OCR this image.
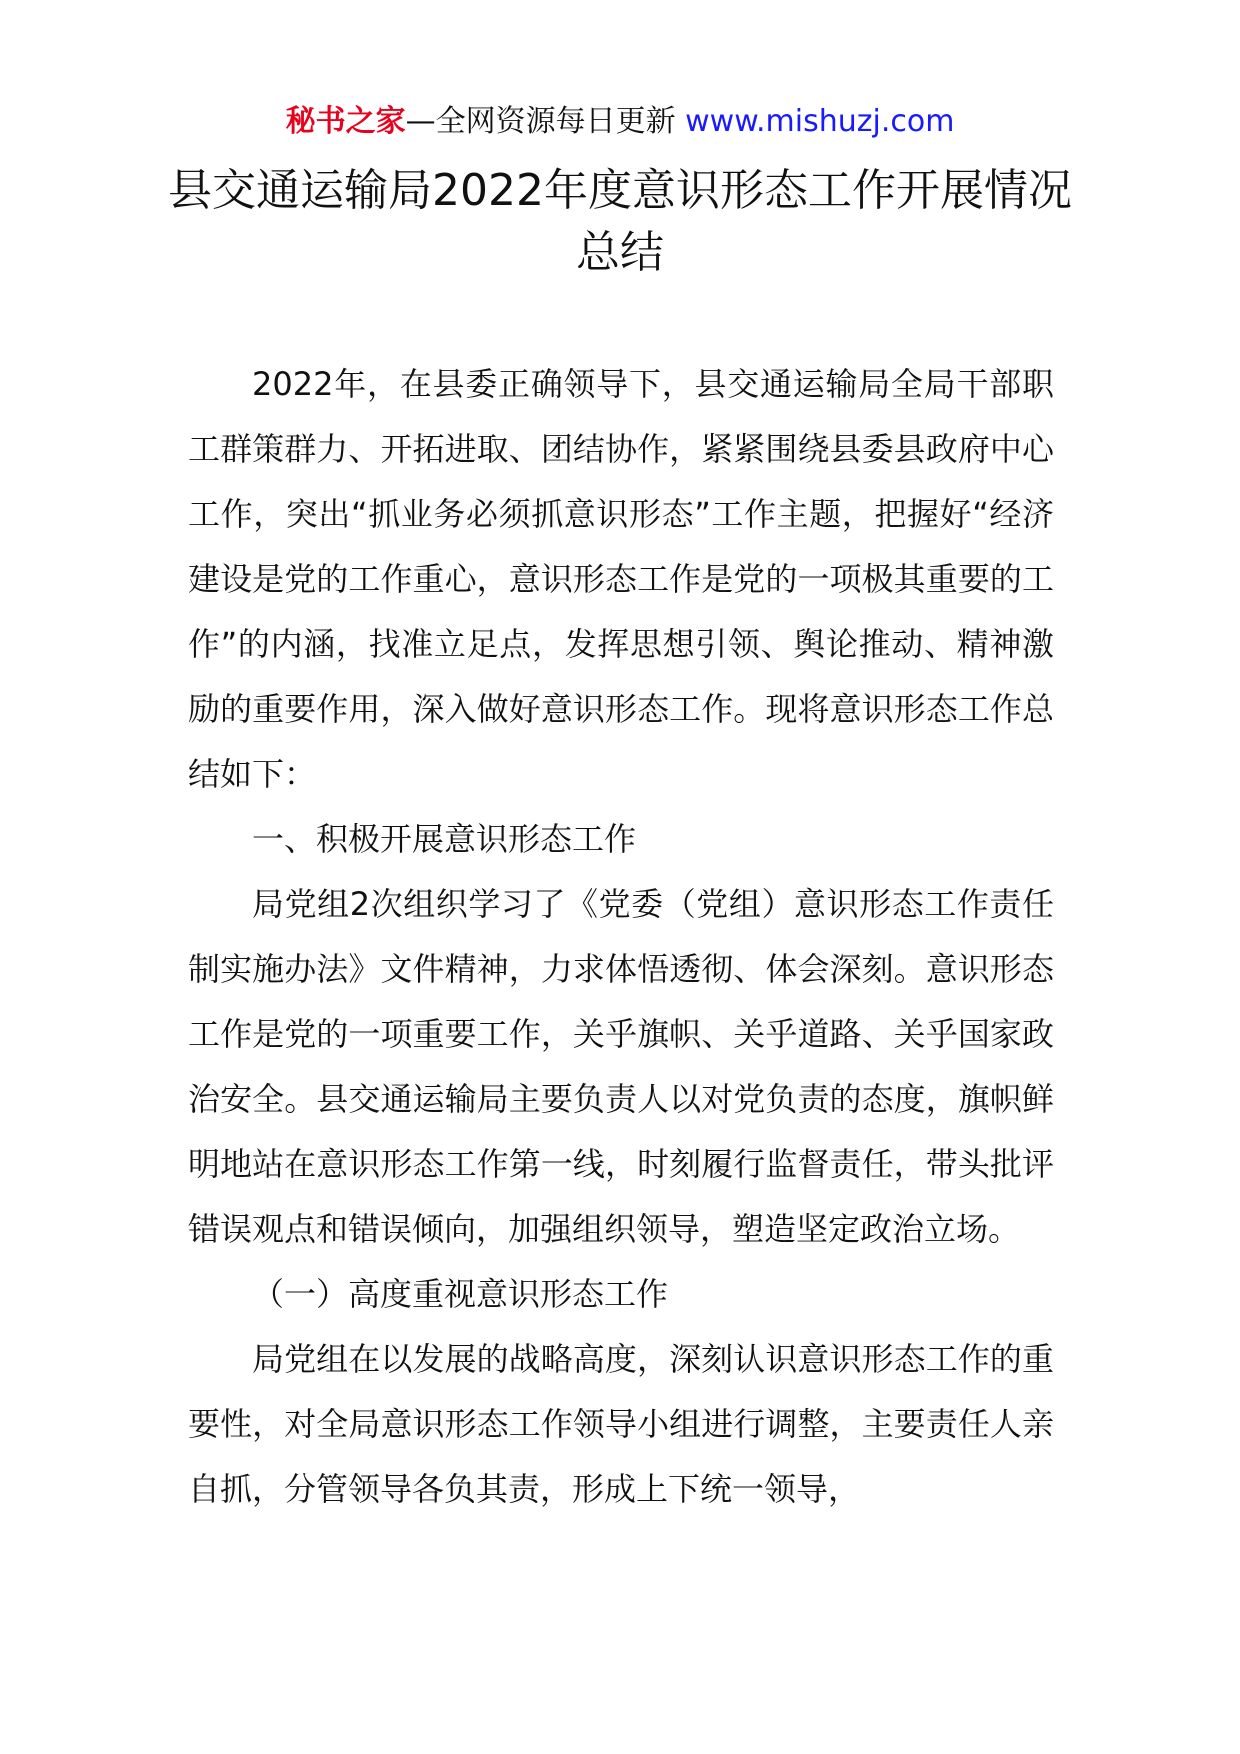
秘书之家—全网资源每日更新 www.mishuzj.com
县交通运输局2022年度意识形态工作开展情况总结

2022年，在县委正确领导下，县交通运输局全局干部职工群策群力、开拓进取、团结协作，紧紧围绕县委县政府中心工作，突出“抓业务必须抓意识形态”工作主题，把握好“经济建设是党的工作重心，意识形态工作是党的一项极其重要的工作”的内涵，找准立足点，发挥思想引领、舆论推动、精神激励的重要作用，深入做好意识形态工作。现将意识形态工作总结如下：

一、积极开展意识形态工作

局党组2次组织学习了《党委（党组）意识形态工作责任制实施办法》文件精神，力求体悟透彻、体会深刻。意识形态工作是党的一项重要工作，关乎旗帜、关乎道路、关乎国家政治安全。县交通运输局主要负责人以对党负责的态度，旗帜鲜明地站在意识形态工作第一线，时刻履行监督责任，带头批评错误观点和错误倾向，加强组织领导，塑造坚定政治立场。

（一）高度重视意识形态工作

局党组在以发展的战略高度，深刻认识意识形态工作的重要性，对全局意识形态工作领导小组进行调整，主要责任人亲自抓，分管领导各负其责，形成上下统一领导，
